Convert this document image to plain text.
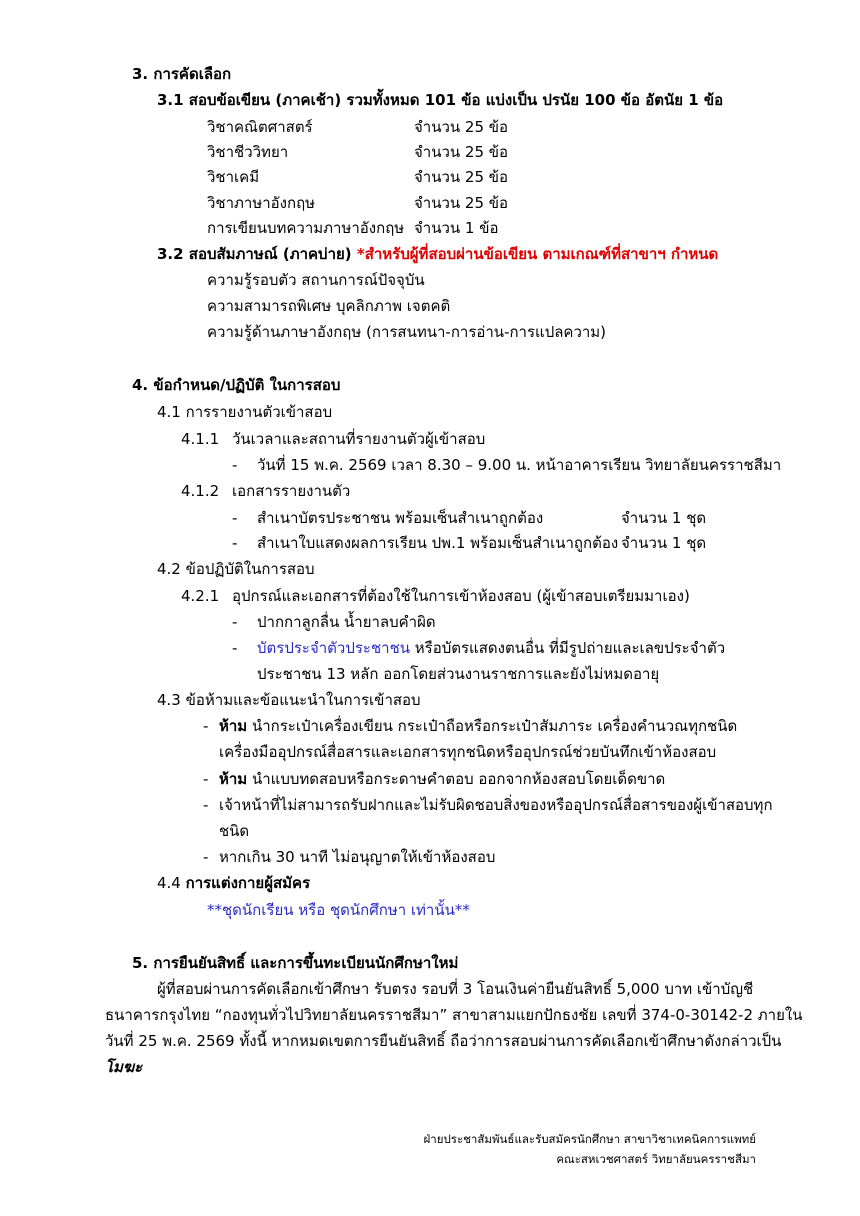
3. การคัดเลือก
3.1 สอบข้อเขียน (ภาคเช้า) รวมทั้งหมด 101 ข้อ แบ่งเป็น ปรนัย 100 ข้อ อัตนัย 1 ข้อ
วิชาคณิตศาสตร์	จำนวน 25 ข้อ
วิชาชีววิทยา	จำนวน 25 ข้อ
วิชาเคมี	จำนวน 25 ข้อ
วิชาภาษาอังกฤษ	จำนวน 25 ข้อ
การเขียนบทความภาษาอังกฤษ จำนวน 1 ข้อ
3.2 สอบสัมภาษณ์ (ภาคบ่าย) *สำหรับผู้ที่สอบผ่านข้อเขียน ตามเกณฑ์ที่สาขาฯ กำหนด
ความรู้รอบตัว สถานการณ์ปัจจุบัน
ความสามารถพิเศษ บุคลิกภาพ เจตคติ
ความรู้ด้านภาษาอังกฤษ (การสนทนา-การอ่าน-การแปลความ)
4. ข้อกำหนด/ปฏิบัติ ในการสอบ
4.1 การรายงานตัวเข้าสอบ
4.1.1 วันเวลาและสถานที่รายงานตัวผู้เข้าสอบ
- วันที่ 15 พ.ค. 2569 เวลา 8.30 – 9.00 น. หน้าอาคารเรียน วิทยาลัยนครราชสีมา
4.1.2 เอกสารรายงานตัว
- สำเนาบัตรประชาชน พร้อมเซ็นสำเนาถูกต้อง	จำนวน 1 ชุด
- สำเนาใบแสดงผลการเรียน ปพ.1 พร้อมเซ็นสำเนาถูกต้อง จำนวน 1 ชุด
4.2 ข้อปฏิบัติในการสอบ
4.2.1 อุปกรณ์และเอกสารที่ต้องใช้ในการเข้าห้องสอบ (ผู้เข้าสอบเตรียมมาเอง)
- ปากกาลูกลื่น น้ำยาลบคำผิด
- บัตรประจำตัวประชาชน หรือบัตรแสดงตนอื่น ที่มีรูปถ่ายและเลขประจำตัว
ประชาชน 13 หลัก ออกโดยส่วนงานราชการและยังไม่หมดอายุ
4.3 ข้อห้ามและข้อแนะนำในการเข้าสอบ
- ห้าม นำกระเป๋าเครื่องเขียน กระเป๋าถือหรือกระเป๋าสัมภาระ เครื่องคำนวณทุกชนิด
เครื่องมืออุปกรณ์สื่อสารและเอกสารทุกชนิดหรืออุปกรณ์ช่วยบันทึกเข้าห้องสอบ
- ห้าม นำแบบทดสอบหรือกระดาษคำตอบ ออกจากห้องสอบโดยเด็ดขาด
- เจ้าหน้าที่ไม่สามารถรับฝากและไม่รับผิดชอบสิ่งของหรืออุปกรณ์สื่อสารของผู้เข้าสอบทุก
ชนิด
- หากเกิน 30 นาที ไม่อนุญาตให้เข้าห้องสอบ
4.4 การแต่งกายผู้สมัคร
**ชุดนักเรียน หรือ ชุดนักศึกษา เท่านั้น**
5. การยืนยันสิทธิ์ และการขึ้นทะเบียนนักศึกษาใหม่
ผู้ที่สอบผ่านการคัดเลือกเข้าศึกษา รับตรง รอบที่ 3 โอนเงินค่ายืนยันสิทธิ์ 5,000 บาท เข้าบัญชี
ธนาคารกรุงไทย “กองทุนทั่วไปวิทยาลัยนครราชสีมา” สาขาสามแยกปักธงชัย เลขที่ 374-0-30142-2 ภายใน
วันที่ 25 พ.ค. 2569 ทั้งนี้ หากหมดเขตการยืนยันสิทธิ์ ถือว่าการสอบผ่านการคัดเลือกเข้าศึกษาดังกล่าวเป็น
โมฆะ
ฝ่ายประชาสัมพันธ์และรับสมัครนักศึกษา สาขาวิชาเทคนิคการแพทย์
คณะสหเวชศาสตร์ วิทยาลัยนครราชสีมา
